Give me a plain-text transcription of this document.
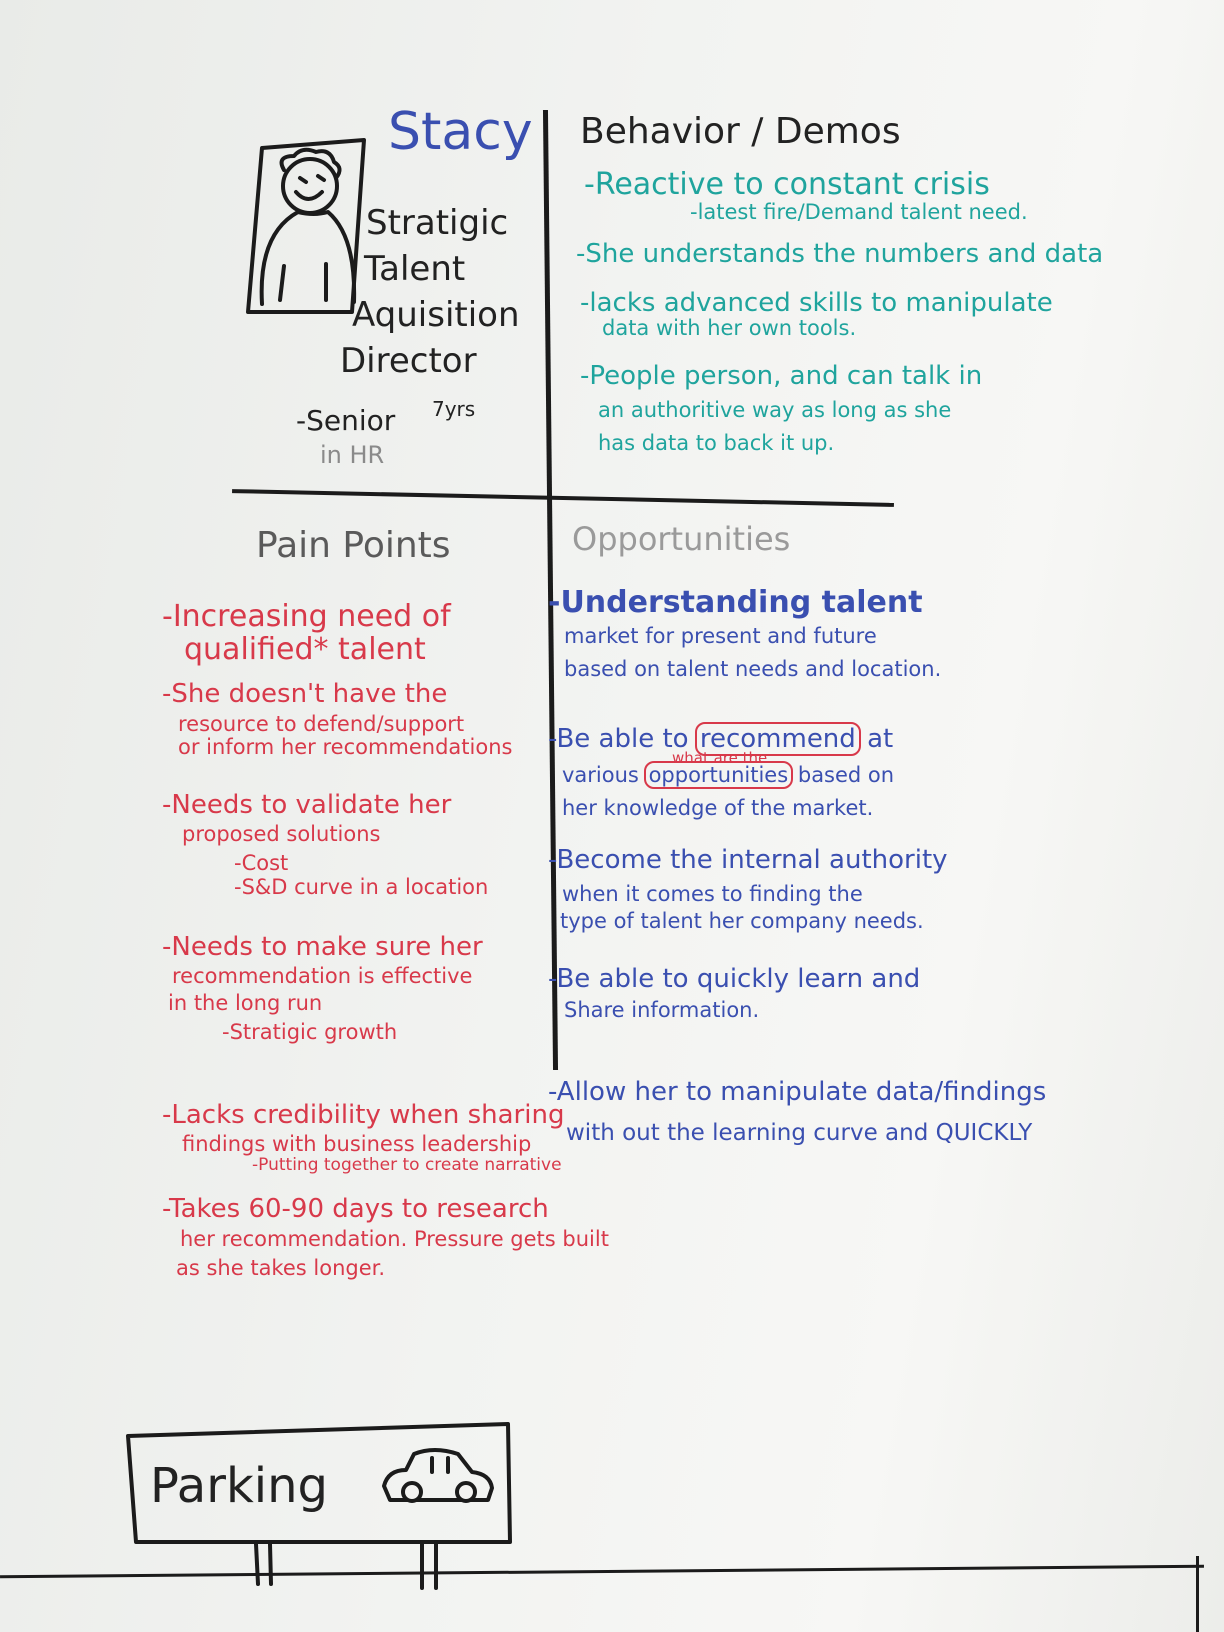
Stacy
Stratigic
Talent
Aquisition
Director
-Senior 7yrs
in HR
Behavior / Demos
-Reactive to constant crisis
-latest fire/Demand talent need.
-She understands the numbers and data
-lacks advanced skills to manipulate
data with her own tools.
-People person, and can talk in
an authoritive way as long as she
has data to back it up.
Pain Points
-Increasing need of
qualified* talent
-She doesn't have the
resource to defend/support
or inform her recommendations
-Needs to validate her
proposed solutions
-Cost
-S&D curve in a location
-Needs to make sure her
recommendation is effective
in the long run
-Stratigic growth
-Lacks credibility when sharing
findings with business leadership
-Putting together to create narrative
-Takes 60-90 days to research
her recommendation. Pressure gets built
as she takes longer.
Opportunities
-Understanding talent
market for present and future
based on talent needs and location.
-Be able to recommend at
various opportunities based on
what are the
her knowledge of the market.
-Become the internal authority
when it comes to finding the
type of talent her company needs.
-Be able to quickly learn and
Share information.
-Allow her to manipulate data/findings
with out the learning curve and QUICKLY
Parking
